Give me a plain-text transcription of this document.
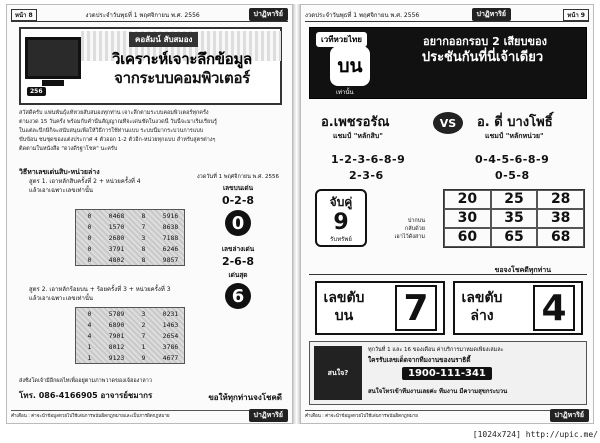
หน้า 8	งวดประจำวันพุธที่ 1 พฤศจิกายน พ.ศ. 2556	ปาฏิหาริย์
คอลัมน์ สับสมอง
วิเคราะห์เจาะลึกข้อมูล
จากระบบคอมพิวเตอร์
256
สวัสดีครับ แฟนพันธุ์แท้หวยสับสมองทุกท่าน เจาะลึกตามระบบคอมพิวเตอร์ทุกครั้ง
ตามงวด 15 วันครั้ง พร้อมกับคำนั้นสัญญาณที่จะเด่นชัดในงวดนี้ วันนี้จะมาเริ่มเรียนรู้
ในแต่ละปีกษีก็จะสนับสนุนเพื่อให้วิธีการใช้ท่านแบบ ระบบนี้มากระบวนการแบบ
ขับข้อน ชนชุดของแต่งประกาศ 4 ตัวออก 1-2 ตัวอีก-หน่วยทุกแบบ สำหรับสูตรต่างๆ
ติดตามในหนังสือ "ดวงดีรฐาโชค" นะครับ
วิธีหาเลขเด่นสิบ-หน่วยล่าง
สูตร 1. เอาหลักสิบครั้งที่ 2 + หน่วยครั้งที่ 4
แล้วเอาเฉพาะเลขเท่านั้น
0	0468	8	5916
0	1570	7	8638
0	2680	3	7188
0	3791	8	6246
0	4802	8	9857
สูตร 2. เอาหลักร้อยบน + ร้อยครั้งที่ 3 + หน่วยครั้งที่ 3
แล้วเอาเฉพาะเลขเท่านั้น
0	5789	3	0231
4	6890	2	1463
4	7901	7	2654
1	8012	1	3786
1	9123	9	4677
งวดวันที่ 1 พฤศจิกายน พ.ศ. 2556
เลขบนเด่น
0-2-8
0
เลขล่างเด่น
2-6-8
เด่นสุด
6
ส่งซิงโดเจ้ามีอีกผลไทเพื่ออยู่ตามภาพวาดของเจ้ฮองาลาว
โทร. 086-4166905 อาจารย์ชมากร	ขอให้ทุกท่านจงโชคดี
คำเตือน : ค่าจะนำข้อมูลหวยไปใช้เล่นการพนันผิดกฎหมายและเป็นการผิดกฎหมาย	ปาฏิหาริย์
งวดประจำวันพุธที่ 1 พฤศจิกายน พ.ศ. 2556	ปาฏิหาริย์	หน้า 9
เวทีหวยไทย
บน
เท่านั้น
อยากออกรอบ 2 เสียบของ
ประชันกันที่นี่เจ้าเดียว
อ.เพชรอรัณ
แชมป์ "หลักสิบ"
VS	อ. ดี่ บางโพธิ์
แชมป์ "หลักหน่วย"
1-2-3-6-8-9
2-3-6
0-4-5-6-8-9
0-5-8
จับคู่
9
รับทรัพย์
ปากบน
กลับด้วย
เอาไว้ดังสาม
20	25	28
30	35	38
60	65	68
ขอจงโชคดีทุกท่าน
เลขตับ
บน	7	เลขตับ
ล่าง 4
สนใจ?
ทุกวันที่ 1 และ 16 ของเดือน ค่าบริการมาหมดเพียงเล่มละ
ใครรับเลขเด็ดจากทีมงานของนราธิตี้
1900-111-341
สนใจโทรเข้าทีมงานเลยค่ะ ทีมงาน มีความสุขกระบวน
คำเตือน : ค่าจะนำข้อมูลหวยไปใช้เล่นการพนันผิดกฎหมาย	ปาฏิหาริย์
[1024x724] http://upic.me/
